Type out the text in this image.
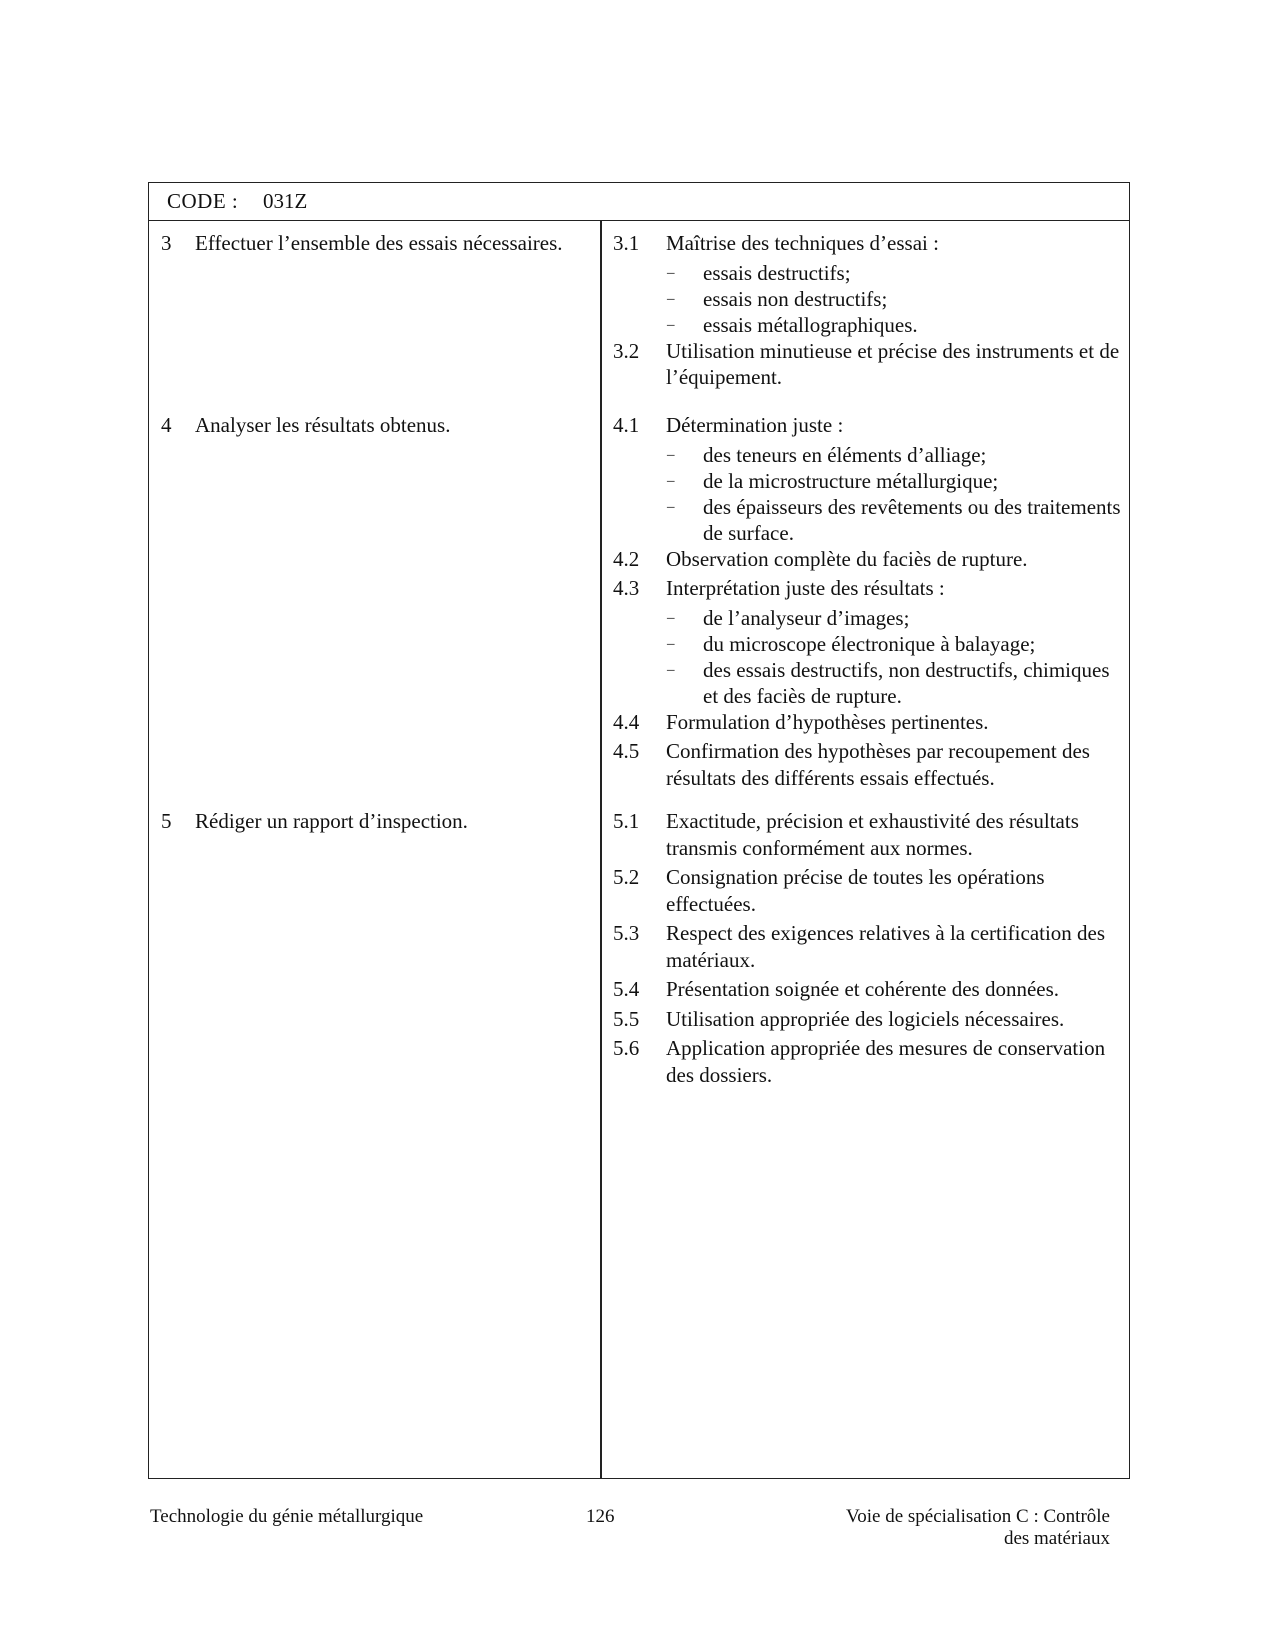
CODE : 031Z
3 Effectuer l’ensemble des essais nécessaires.
4 Analyser les résultats obtenus.
5 Rédiger un rapport d’inspection.
3.1 Maîtrise des techniques d’essai :
– essais destructifs;
– essais non destructifs;
– essais métallographiques.
3.2 Utilisation minutieuse et précise des instruments et de l’équipement.
4.1 Détermination juste :
– des teneurs en éléments d’alliage;
– de la microstructure métallurgique;
– des épaisseurs des revêtements ou des traitements de surface.
4.2 Observation complète du faciès de rupture.
4.3 Interprétation juste des résultats :
– de l’analyseur d’images;
– du microscope électronique à balayage;
– des essais destructifs, non destructifs, chimiques et des faciès de rupture.
4.4 Formulation d’hypothèses pertinentes.
4.5 Confirmation des hypothèses par recoupement des résultats des différents essais effectués.
5.1 Exactitude, précision et exhaustivité des résultats transmis conformément aux normes.
5.2 Consignation précise de toutes les opérations effectuées.
5.3 Respect des exigences relatives à la certification des matériaux.
5.4 Présentation soignée et cohérente des données.
5.5 Utilisation appropriée des logiciels nécessaires.
5.6 Application appropriée des mesures de conservation des dossiers.
Technologie du génie métallurgique	126	Voie de spécialisation C : Contrôle
des matériaux
